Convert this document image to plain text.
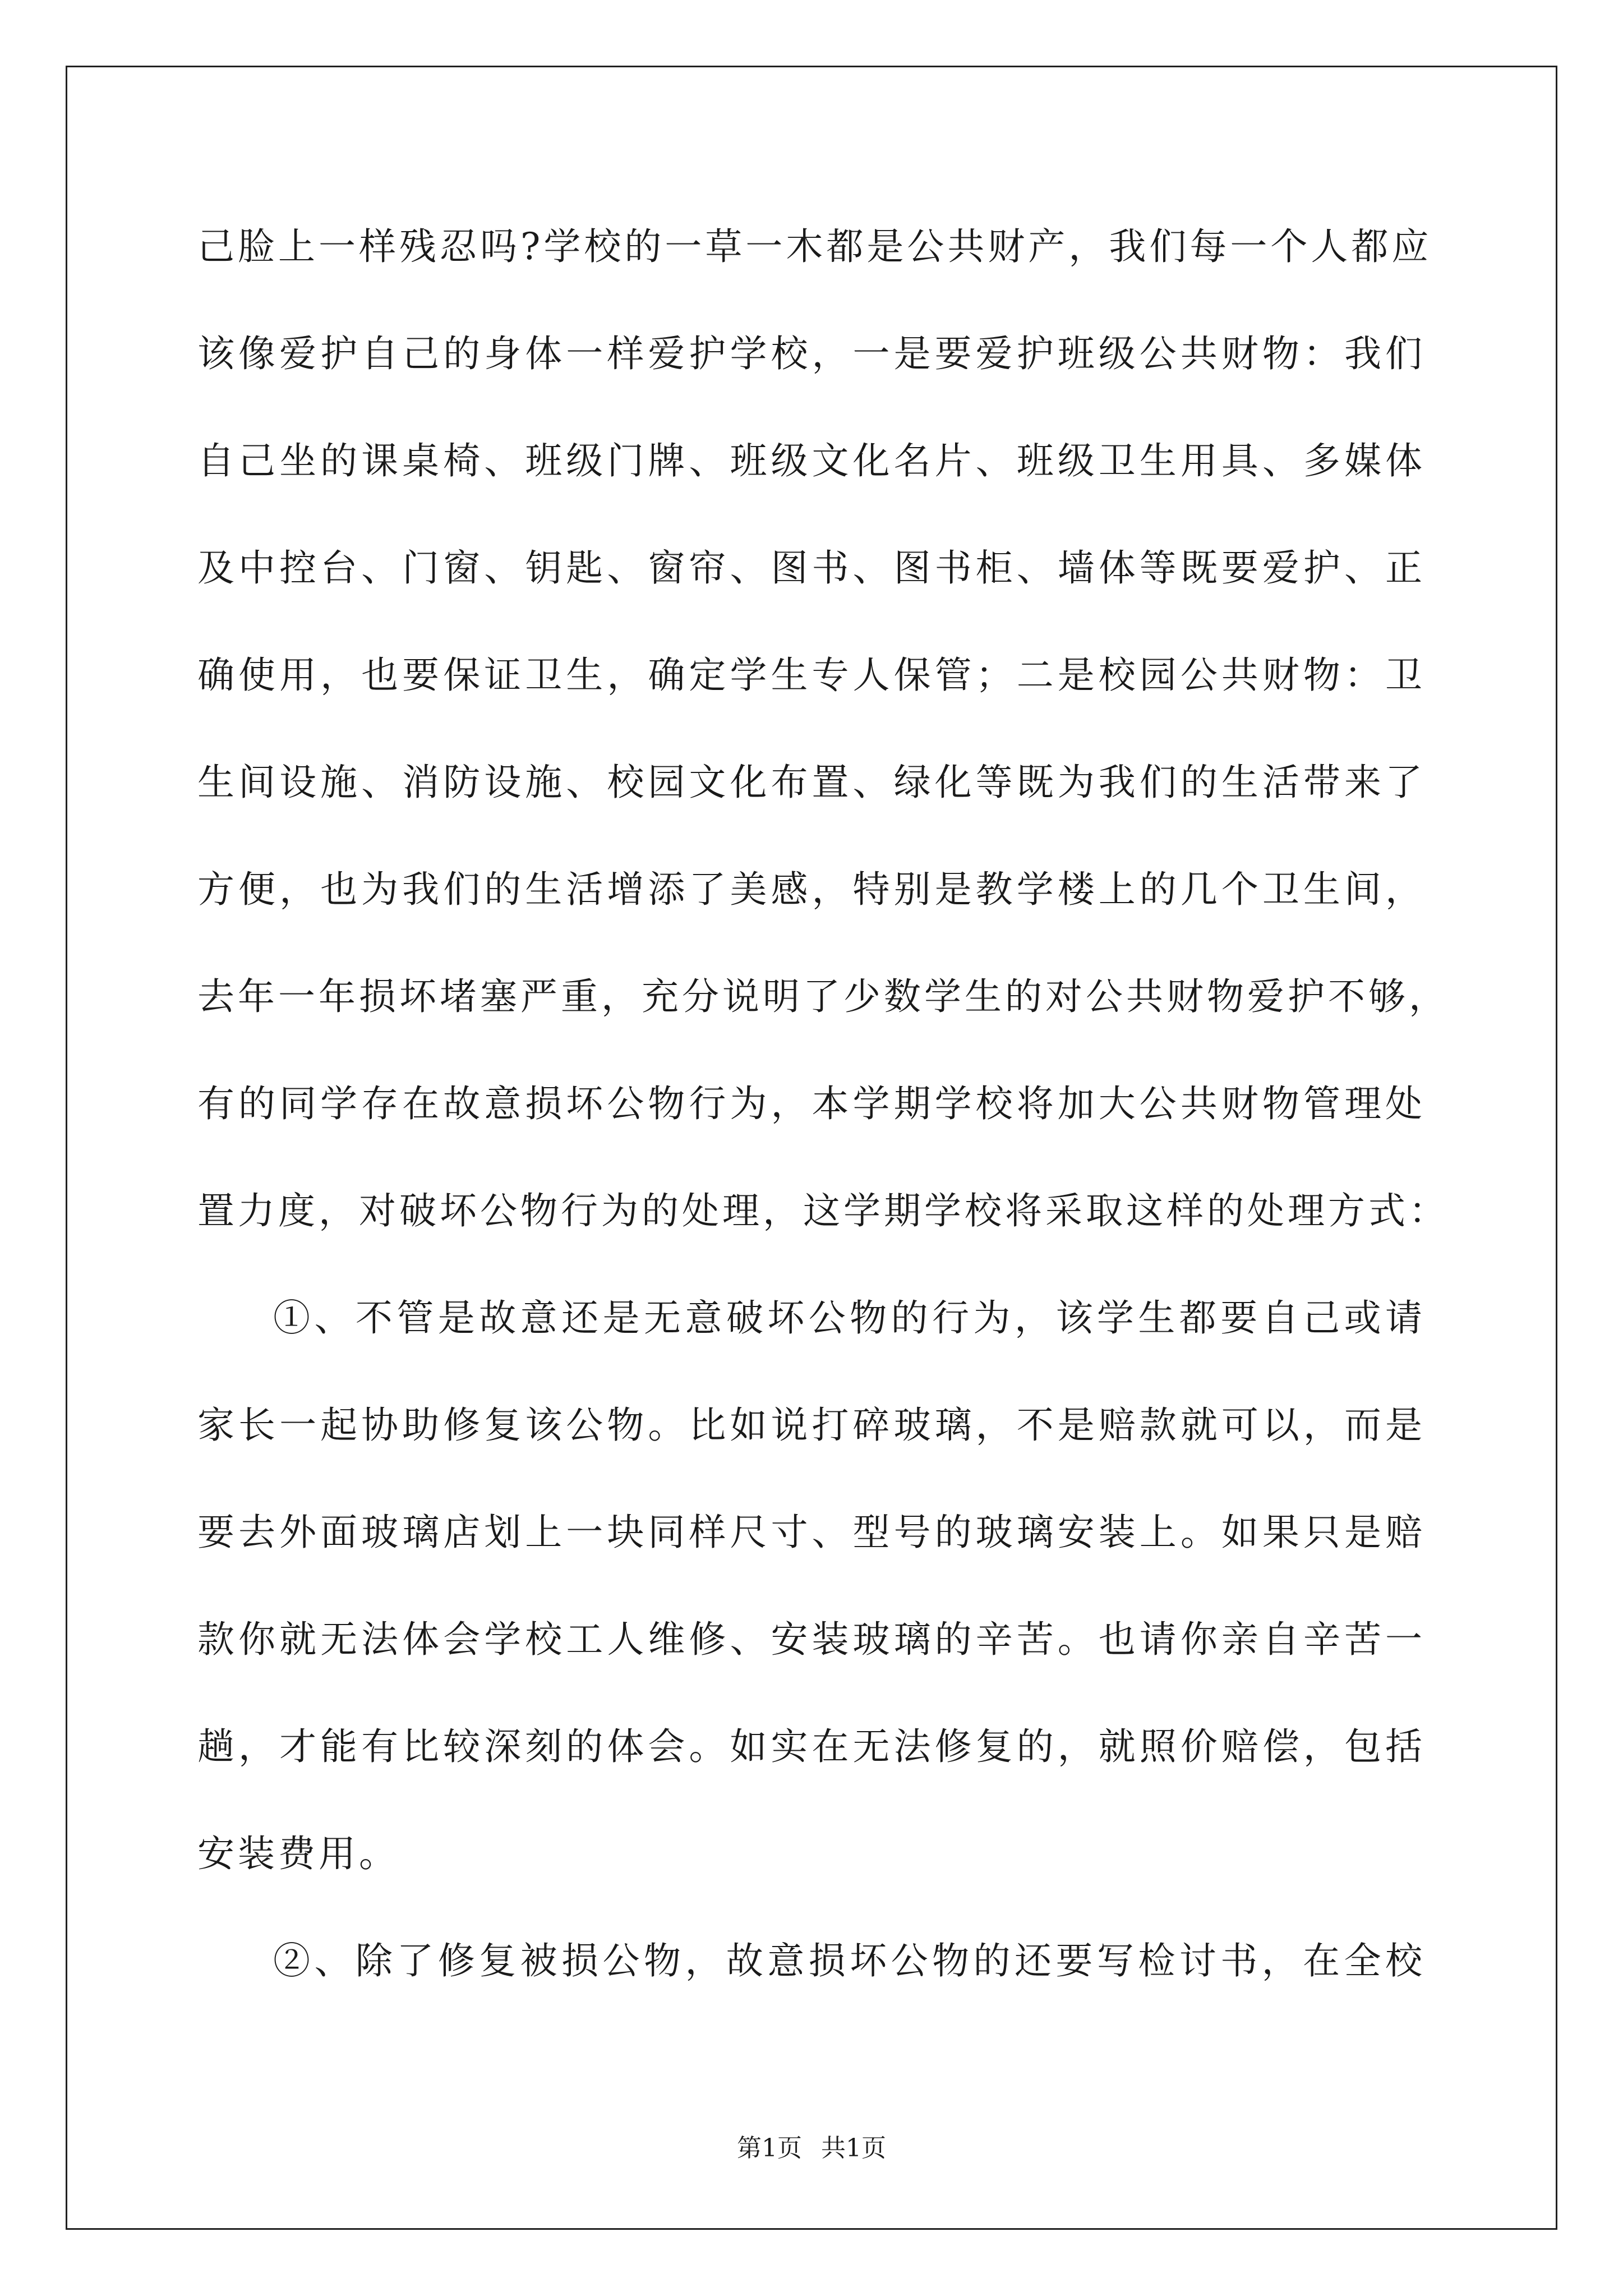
己脸上一样残忍吗?学校的一草一木都是公共财产，我们每一个人都应
该像爱护自己的身体一样爱护学校，一是要爱护班级公共财物：我们
自己坐的课桌椅、班级门牌、班级文化名片、班级卫生用具、多媒体
及中控台、门窗、钥匙、窗帘、图书、图书柜、墙体等既要爱护、正
确使用，也要保证卫生，确定学生专人保管；二是校园公共财物：卫
生间设施、消防设施、校园文化布置、绿化等既为我们的生活带来了
方便，也为我们的生活增添了美感，特别是教学楼上的几个卫生间，
去年一年损坏堵塞严重，充分说明了少数学生的对公共财物爱护不够，
有的同学存在故意损坏公物行为，本学期学校将加大公共财物管理处
置力度，对破坏公物行为的处理，这学期学校将采取这样的处理方式：
①、不管是故意还是无意破坏公物的行为，该学生都要自己或请
家长一起协助修复该公物。比如说打碎玻璃，不是赔款就可以，而是
要去外面玻璃店划上一块同样尺寸、型号的玻璃安装上。如果只是赔
款你就无法体会学校工人维修、安装玻璃的辛苦。也请你亲自辛苦一
趟，才能有比较深刻的体会。如实在无法修复的，就照价赔偿，包括
安装费用。
②、除了修复被损公物，故意损坏公物的还要写检讨书，在全校
第1页 共1页
